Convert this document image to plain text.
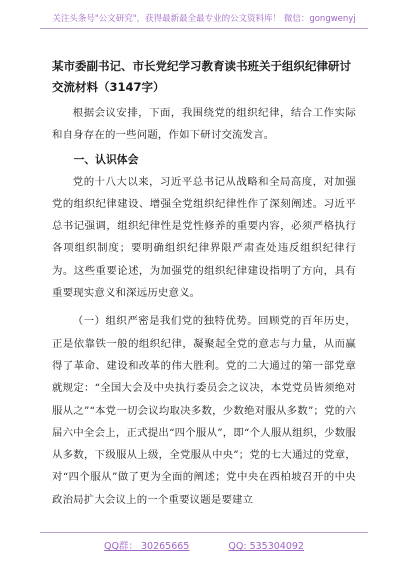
关注头条号"公文研究"，获得最新最全最专业的公文资料库！ 微信：gongwenyj

某市委副书记、市长党纪学习教育读书班关于组织纪律研讨交流材料（3147字）

根据会议安排，下面，我围绕党的组织纪律，结合工作实际和自身存在的一些问题，作如下研讨交流发言。

一、认识体会

党的十八大以来，习近平总书记从战略和全局高度，对加强党的组织纪律建设、增强全党组织纪律性作了深刻阐述。习近平总书记强调，组织纪律性是党性修养的重要内容，必须严格执行各项组织制度；要明确组织纪律界限严肃查处违反组织纪律行为。这些重要论述，为加强党的组织纪律建设指明了方向，具有重要现实意义和深远历史意义。

（一）组织严密是我们党的独特优势。回顾党的百年历史，正是依靠铁一般的组织纪律，凝聚起全党的意志与力量，从而赢得了革命、建设和改革的伟大胜利。党的二大通过的第一部党章就规定：“全国大会及中央执行委员会之议决，本党党员皆须绝对服从之”“本党一切会议均取决多数，少数绝对服从多数”；党的六届六中全会上，正式提出“四个服从”，即“个人服从组织，少数服从多数，下级服从上级，全党服从中央”；党的七大通过的党章，对“四个服从”做了更为全面的阐述；党中央在西柏坡召开的中央政治局扩大会议上的一个重要议题是要建立

QQ群： 30265665	QQ: 535304092
